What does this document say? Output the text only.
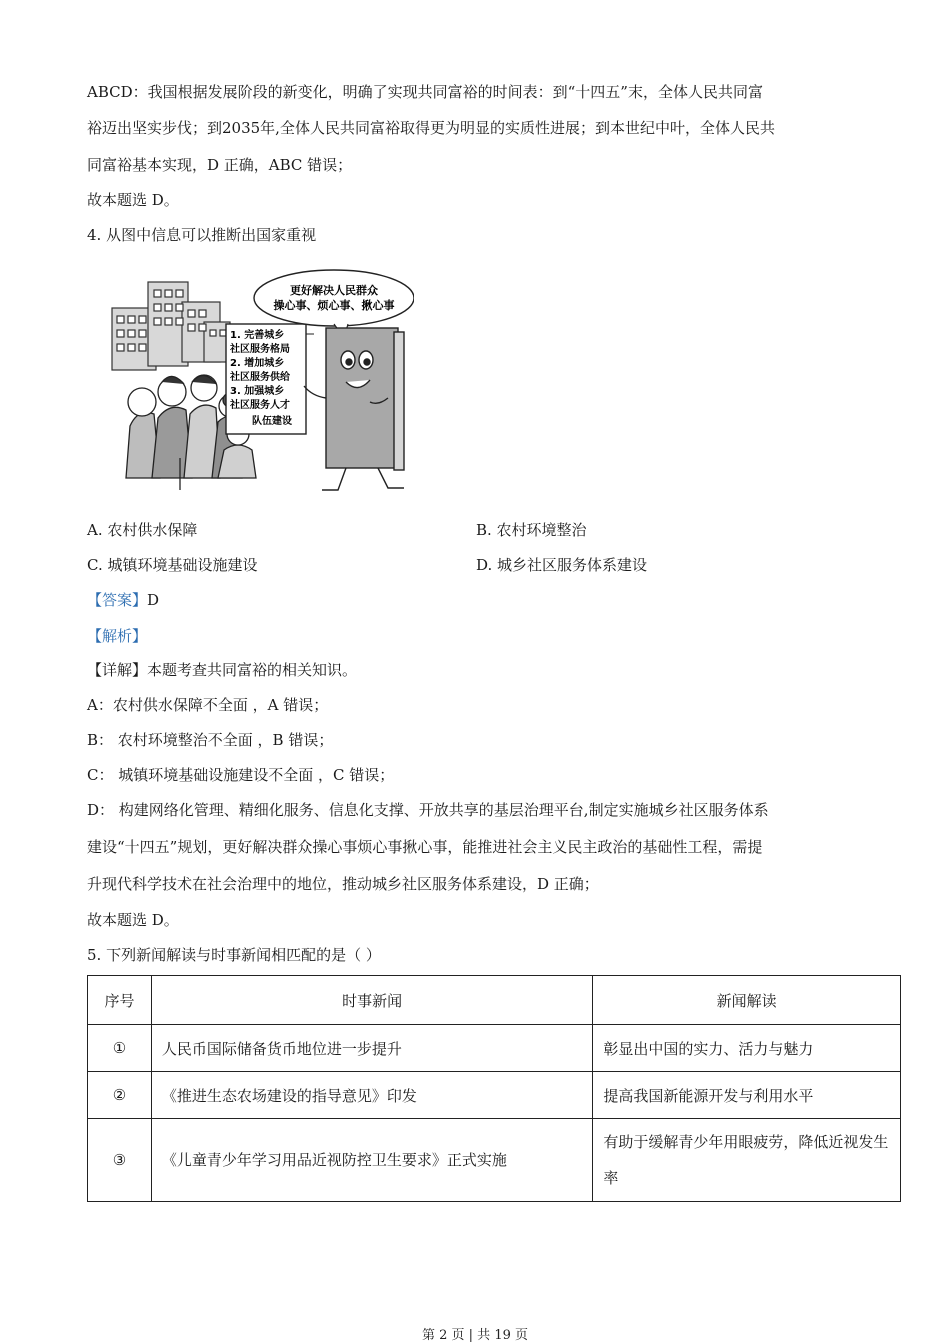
ABCD：我国根据发展阶段的新变化，明确了实现共同富裕的时间表：到“十四五”末，全体人民共同富
裕迈出坚实步伐；到2035年,全体人民共同富裕取得更为明显的实质性进展；到本世纪中叶，全体人民共
同富裕基本实现，D 正确，ABC 错误；
故本题选 D。
4. 从图中信息可以推断出国家重视
1. 完善城乡
社区服务格局
2. 增加城乡
社区服务供给
3. 加强城乡
社区服务人才
队伍建设
更好解决人民群众
操心事、烦心事、揪心事
A. 农村供水保障	B. 农村环境整治
C. 城镇环境基础设施建设	D. 城乡社区服务体系建设
【答案】D
【解析】
【详解】本题考查共同富裕的相关知识。
A：农村供水保障不全面 ，A 错误；
B： 农村环境整治不全面 ，B 错误；
C： 城镇环境基础设施建设不全面 ，C 错误；
D： 构建网络化管理、精细化服务、信息化支撑、开放共享的基层治理平台,制定实施城乡社区服务体系
建设“十四五”规划，更好解决群众操心事烦心事揪心事，能推进社会主义民主政治的基础性工程，需提
升现代科学技术在社会治理中的地位，推动城乡社区服务体系建设，D 正确；
故本题选 D。
5. 下列新闻解读与时事新闻相匹配的是（ ）
序号	时事新闻	新闻解读
①	人民币国际储备货币地位进一步提升	彰显出中国的实力、活力与魅力
②	《推进生态农场建设的指导意见》印发	提高我国新能源开发与利用水平
③	《儿童青少年学习用品近视防控卫生要求》正式实施	有助于缓解青少年用眼疲劳，降低近视发生率
第 2 页 | 共 19 页
